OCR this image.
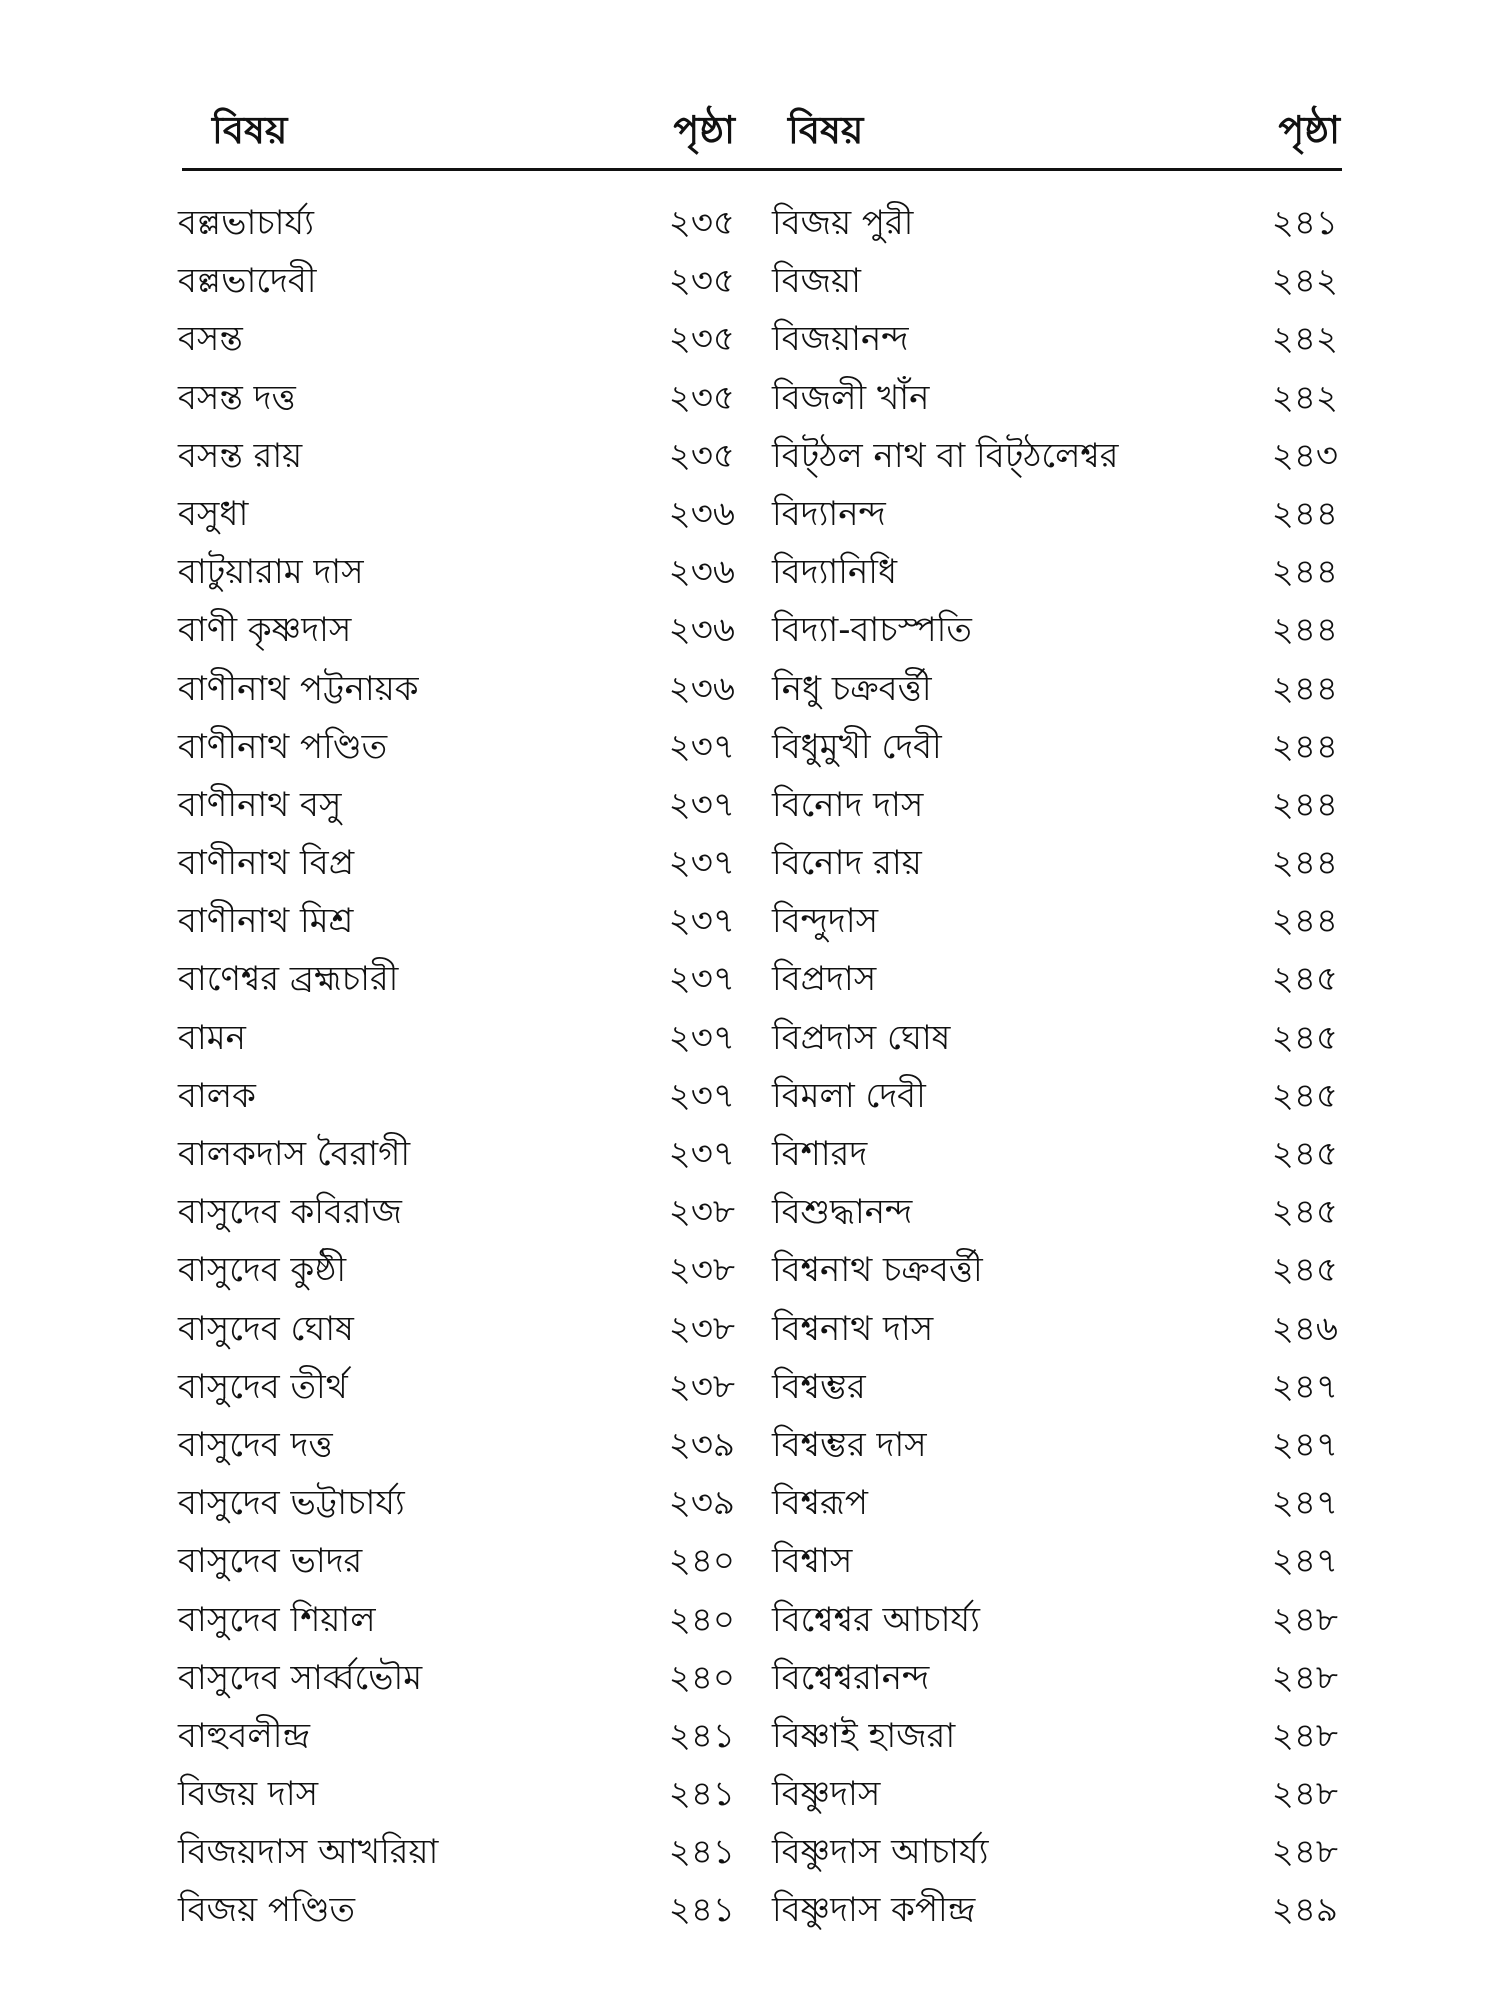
বিষয়	পৃষ্ঠা বিষয়	পৃষ্ঠা
বল্লভাচার্য্য	২৩৫ বিজয় পুরী	২৪১
বল্লভাদেবী	২৩৫ বিজয়া	২৪২
বসন্ত	২৩৫ বিজয়ানন্দ	২৪২
বসন্ত দত্ত	২৩৫ বিজলী খাঁন	২৪২
বসন্ত রায়	২৩৫ বিট্ঠল নাথ বা বিট্ঠলেশ্বর	২৪৩
বসুধা	২৩৬ বিদ্যানন্দ	২৪৪
বাটুয়ারাম দাস	২৩৬ বিদ্যানিধি	২৪৪
বাণী কৃষ্ণদাস	২৩৬ বিদ্যা-বাচস্পতি	২৪৪
বাণীনাথ পট্টনায়ক	২৩৬ নিধু চক্রবর্ত্তী	২৪৪
বাণীনাথ পণ্ডিত	২৩৭ বিধুমুখী দেবী	২৪৪
বাণীনাথ বসু	২৩৭ বিনোদ দাস	২৪৪
বাণীনাথ বিপ্র	২৩৭ বিনোদ রায়	২৪৪
বাণীনাথ মিশ্র	২৩৭ বিন্দুদাস	২৪৪
বাণেশ্বর ব্রহ্মচারী	২৩৭ বিপ্রদাস	২৪৫
বামন	২৩৭ বিপ্রদাস ঘোষ	২৪৫
বালক	২৩৭ বিমলা দেবী	২৪৫
বালকদাস বৈরাগী	২৩৭ বিশারদ	২৪৫
বাসুদেব কবিরাজ	২৩৮ বিশুদ্ধানন্দ	২৪৫
বাসুদেব কুষ্ঠী	২৩৮ বিশ্বনাথ চক্রবর্ত্তী	২৪৫
বাসুদেব ঘোষ	২৩৮ বিশ্বনাথ দাস	২৪৬
বাসুদেব তীর্থ	২৩৮ বিশ্বম্ভর	২৪৭
বাসুদেব দত্ত	২৩৯ বিশ্বম্ভর দাস	২৪৭
বাসুদেব ভট্টাচার্য্য	২৩৯ বিশ্বরূপ	২৪৭
বাসুদেব ভাদর	২৪০ বিশ্বাস	২৪৭
বাসুদেব শিয়াল	২৪০ বিশ্বেশ্বর আচার্য্য	২৪৮
বাসুদেব সার্ব্বভৌম	২৪০ বিশ্বেশ্বরানন্দ	২৪৮
বাহুবলীন্দ্র	২৪১ বিষ্ণাই হাজরা	২৪৮
বিজয় দাস	২৪১ বিষ্ণুদাস	২৪৮
বিজয়দাস আখরিয়া	২৪১ বিষ্ণুদাস আচার্য্য	২৪৮
বিজয় পণ্ডিত	২৪১ বিষ্ণুদাস কপীন্দ্র	২৪৯
